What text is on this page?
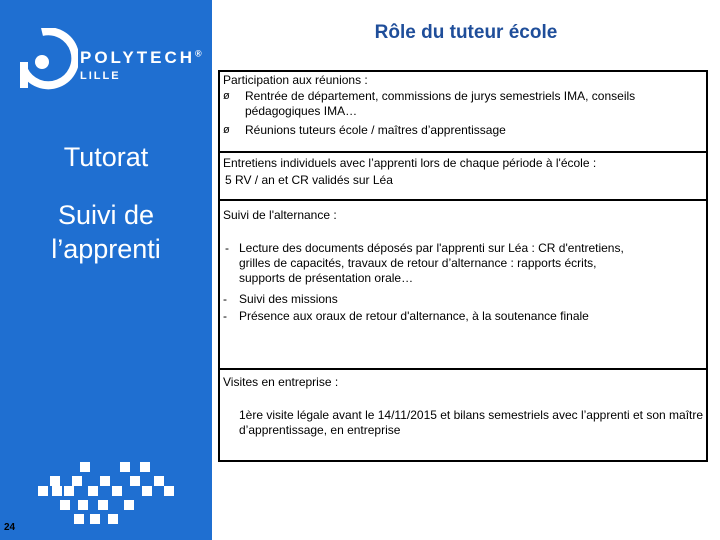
POLYTECH®
LILLE
Tutorat
Suivi de l’apprenti
24
Rôle du tuteur école
Participation aux réunions :
ø	Rentrée de département, commissions de jurys semestriels IMA, conseils pédagogiques IMA…
ø	Réunions tuteurs école / maîtres d’apprentissage
Entretiens individuels avec l’apprenti lors de chaque période à l'école :
5 RV / an et CR validés sur Léa
Suivi de l'alternance :
- Lecture des documents déposés par l'apprenti sur Léa : CR d'entretiens, grilles de capacités, travaux de retour d’alternance : rapports écrits, supports de présentation orale…
-	Suivi des missions
-	Présence aux oraux de retour d'alternance, à la soutenance finale
Visites en entreprise :
1ère visite légale avant le 14/11/2015 et bilans semestriels avec l’apprenti et son maître d’apprentissage, en entreprise
